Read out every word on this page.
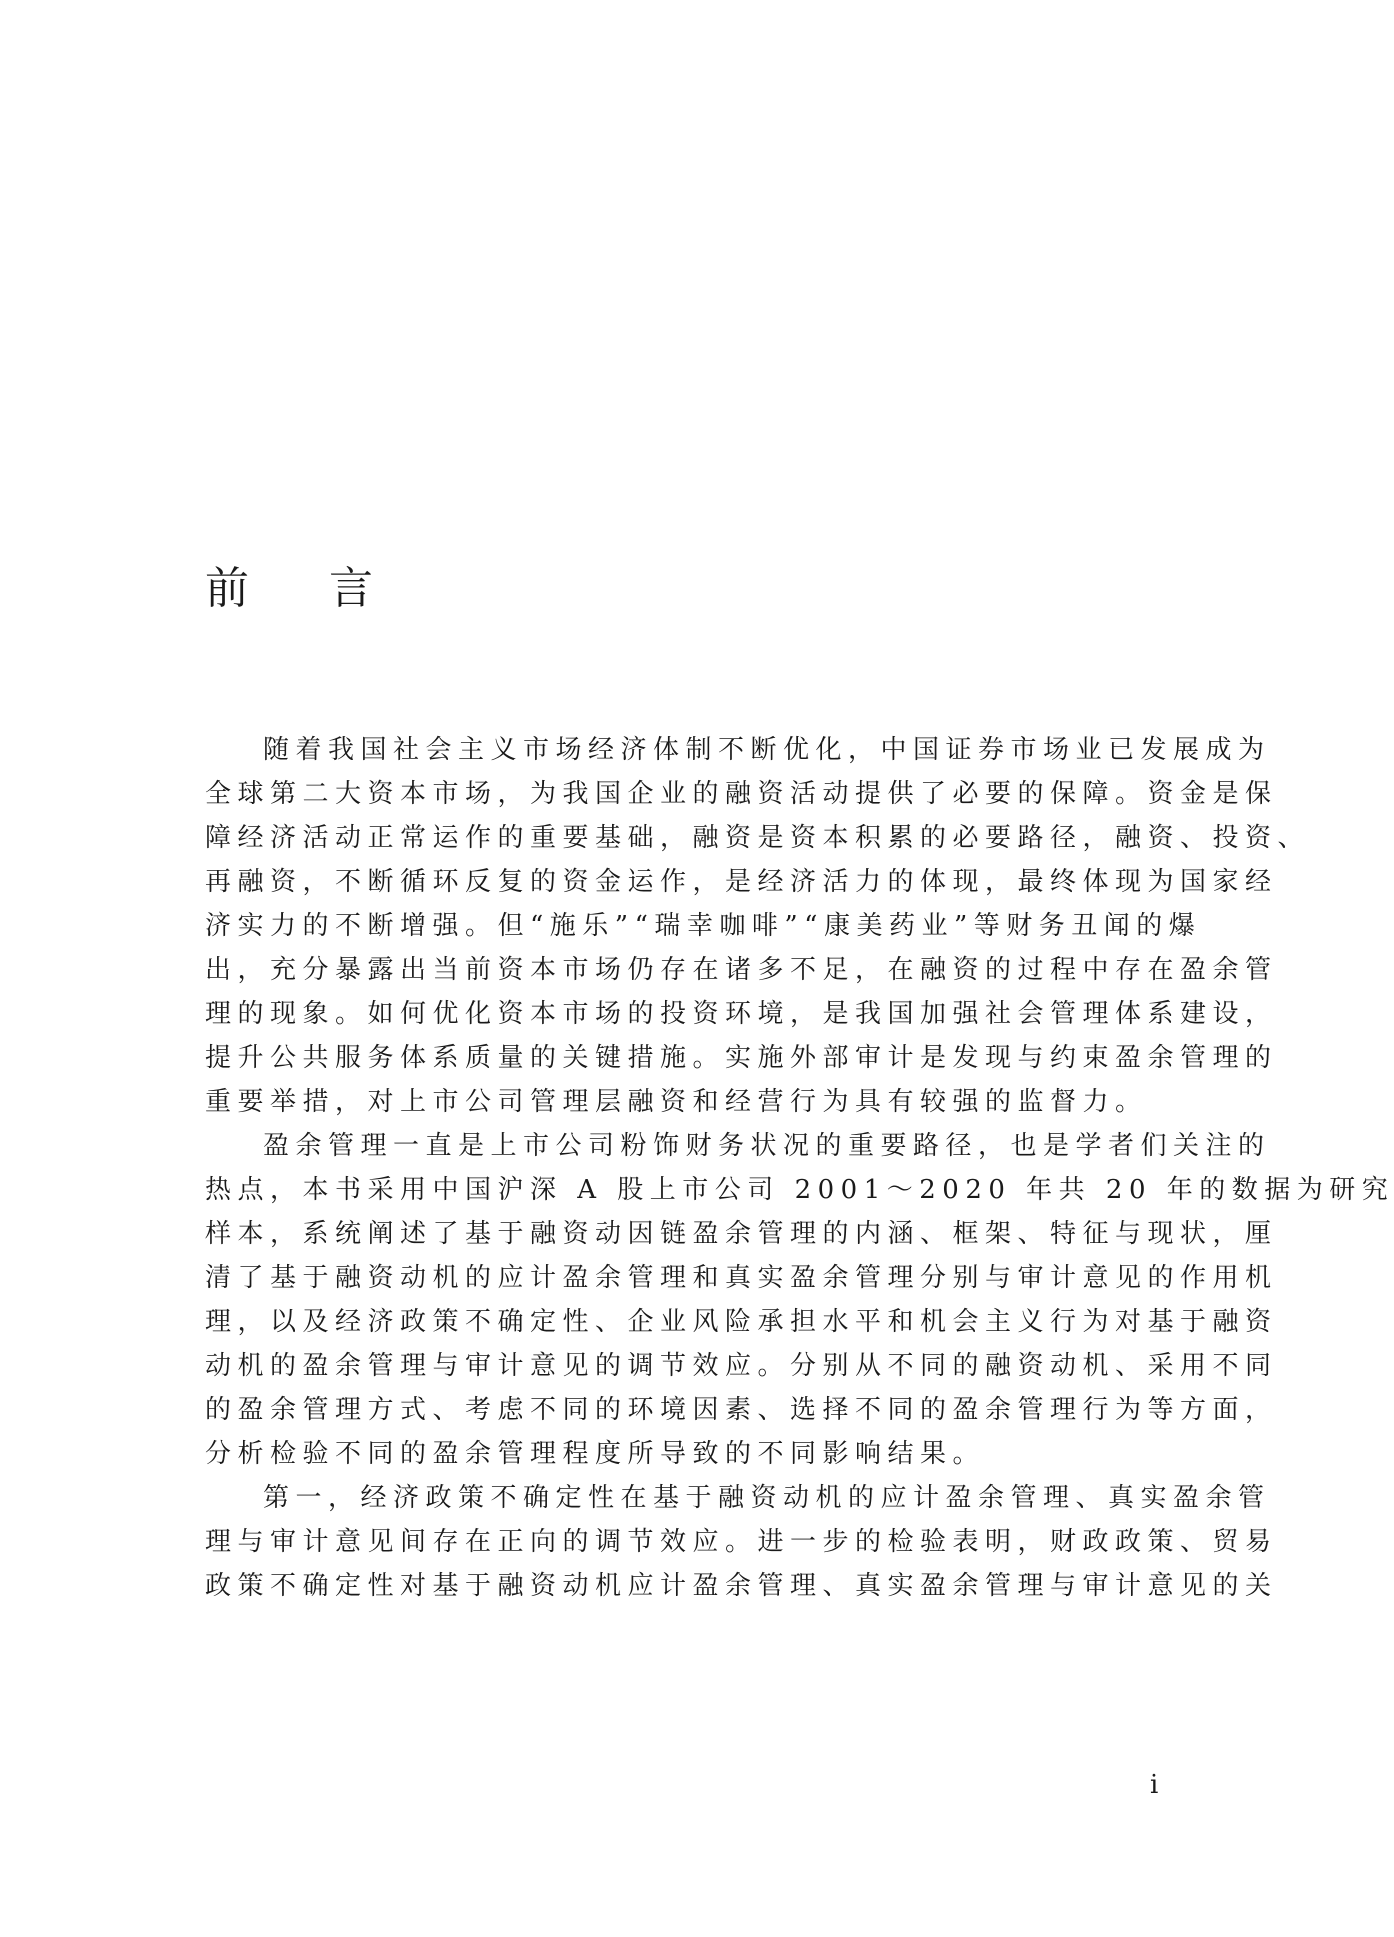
前言
随着我国社会主义市场经济体制不断优化，中国证券市场业已发展成为
全球第二大资本市场，为我国企业的融资活动提供了必要的保障。资金是保
障经济活动正常运作的重要基础，融资是资本积累的必要路径，融资、投资、
再融资，不断循环反复的资金运作，是经济活力的体现，最终体现为国家经
济实力的不断增强。但“施乐”“瑞幸咖啡”“康美药业”等财务丑闻的爆
出，充分暴露出当前资本市场仍存在诸多不足，在融资的过程中存在盈余管
理的现象。如何优化资本市场的投资环境，是我国加强社会管理体系建设，
提升公共服务体系质量的关键措施。实施外部审计是发现与约束盈余管理的
重要举措，对上市公司管理层融资和经营行为具有较强的监督力。
盈余管理一直是上市公司粉饰财务状况的重要路径，也是学者们关注的
热点，本书采用中国沪深 A 股上市公司 2001～2020 年共 20 年的数据为研究
样本，系统阐述了基于融资动因链盈余管理的内涵、框架、特征与现状，厘
清了基于融资动机的应计盈余管理和真实盈余管理分别与审计意见的作用机
理，以及经济政策不确定性、企业风险承担水平和机会主义行为对基于融资
动机的盈余管理与审计意见的调节效应。分别从不同的融资动机、采用不同
的盈余管理方式、考虑不同的环境因素、选择不同的盈余管理行为等方面，
分析检验不同的盈余管理程度所导致的不同影响结果。
第一，经济政策不确定性在基于融资动机的应计盈余管理、真实盈余管
理与审计意见间存在正向的调节效应。进一步的检验表明，财政政策、贸易
政策不确定性对基于融资动机应计盈余管理、真实盈余管理与审计意见的关
i
